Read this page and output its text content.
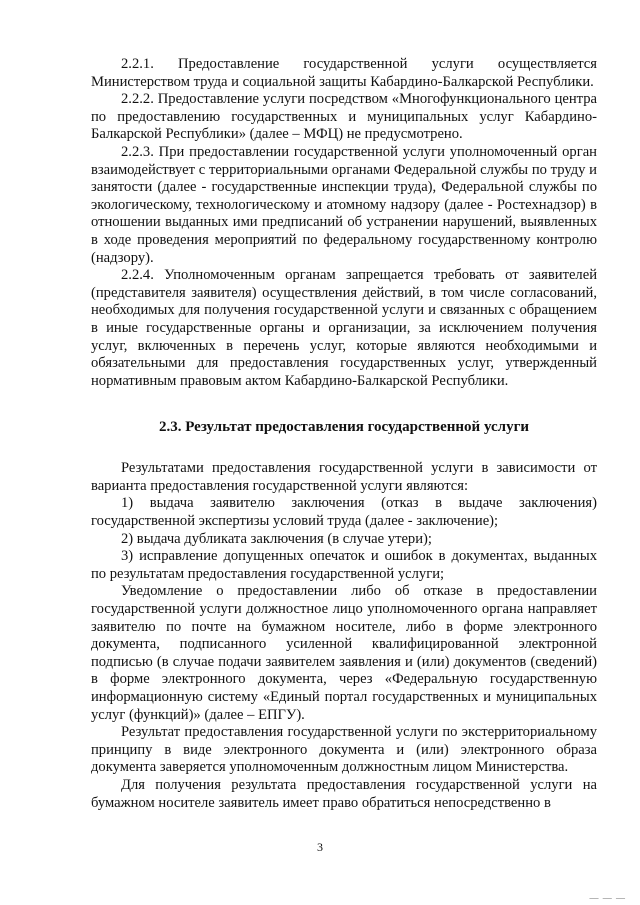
2.2.1. Предоставление государственной услуги осуществляется Министерством труда и социальной защиты Кабардино-Балкарской Республики.

2.2.2. Предоставление услуги посредством «Многофункционального центра по предоставлению государственных и муниципальных услуг Кабардино-Балкарской Республики» (далее – МФЦ) не предусмотрено.

2.2.3. При предоставлении государственной услуги уполномоченный орган взаимодействует с территориальными органами Федеральной службы по труду и занятости (далее - государственные инспекции труда), Федеральной службы по экологическому, технологическому и атомному надзору (далее - Ростехнадзор) в отношении выданных ими предписаний об устранении нарушений, выявленных в ходе проведения мероприятий по федеральному государственному контролю (надзору).

2.2.4. Уполномоченным органам запрещается требовать от заявителей (представителя заявителя) осуществления действий, в том числе согласований, необходимых для получения государственной услуги и связанных с обращением в иные государственные органы и организации, за исключением получения услуг, включенных в перечень услуг, которые являются необходимыми и обязательными для предоставления государственных услуг, утвержденный нормативным правовым актом Кабардино-Балкарской Республики.

2.3. Результат предоставления государственной услуги

Результатами предоставления государственной услуги в зависимости от варианта предоставления государственной услуги являются:

1) выдача заявителю заключения (отказ в выдаче заключения) государственной экспертизы условий труда (далее - заключение);

2) выдача дубликата заключения (в случае утери);

3) исправление допущенных опечаток и ошибок в документах, выданных по результатам предоставления государственной услуги;

Уведомление о предоставлении либо об отказе в предоставлении государственной услуги должностное лицо уполномоченного органа направляет заявителю по почте на бумажном носителе, либо в форме электронного документа, подписанного усиленной квалифицированной электронной подписью (в случае подачи заявителем заявления и (или) документов (сведений) в форме электронного документа, через «Федеральную государственную информационную систему «Единый портал государственных и муниципальных услуг (функций)» (далее – ЕПГУ).

Результат предоставления государственной услуги по экстерриториальному принципу в виде электронного документа и (или) электронного образа документа заверяется уполномоченным должностным лицом Министерства.

Для получения результата предоставления государственной услуги на бумажном носителе заявитель имеет право обратиться непосредственно в

3
— — —
